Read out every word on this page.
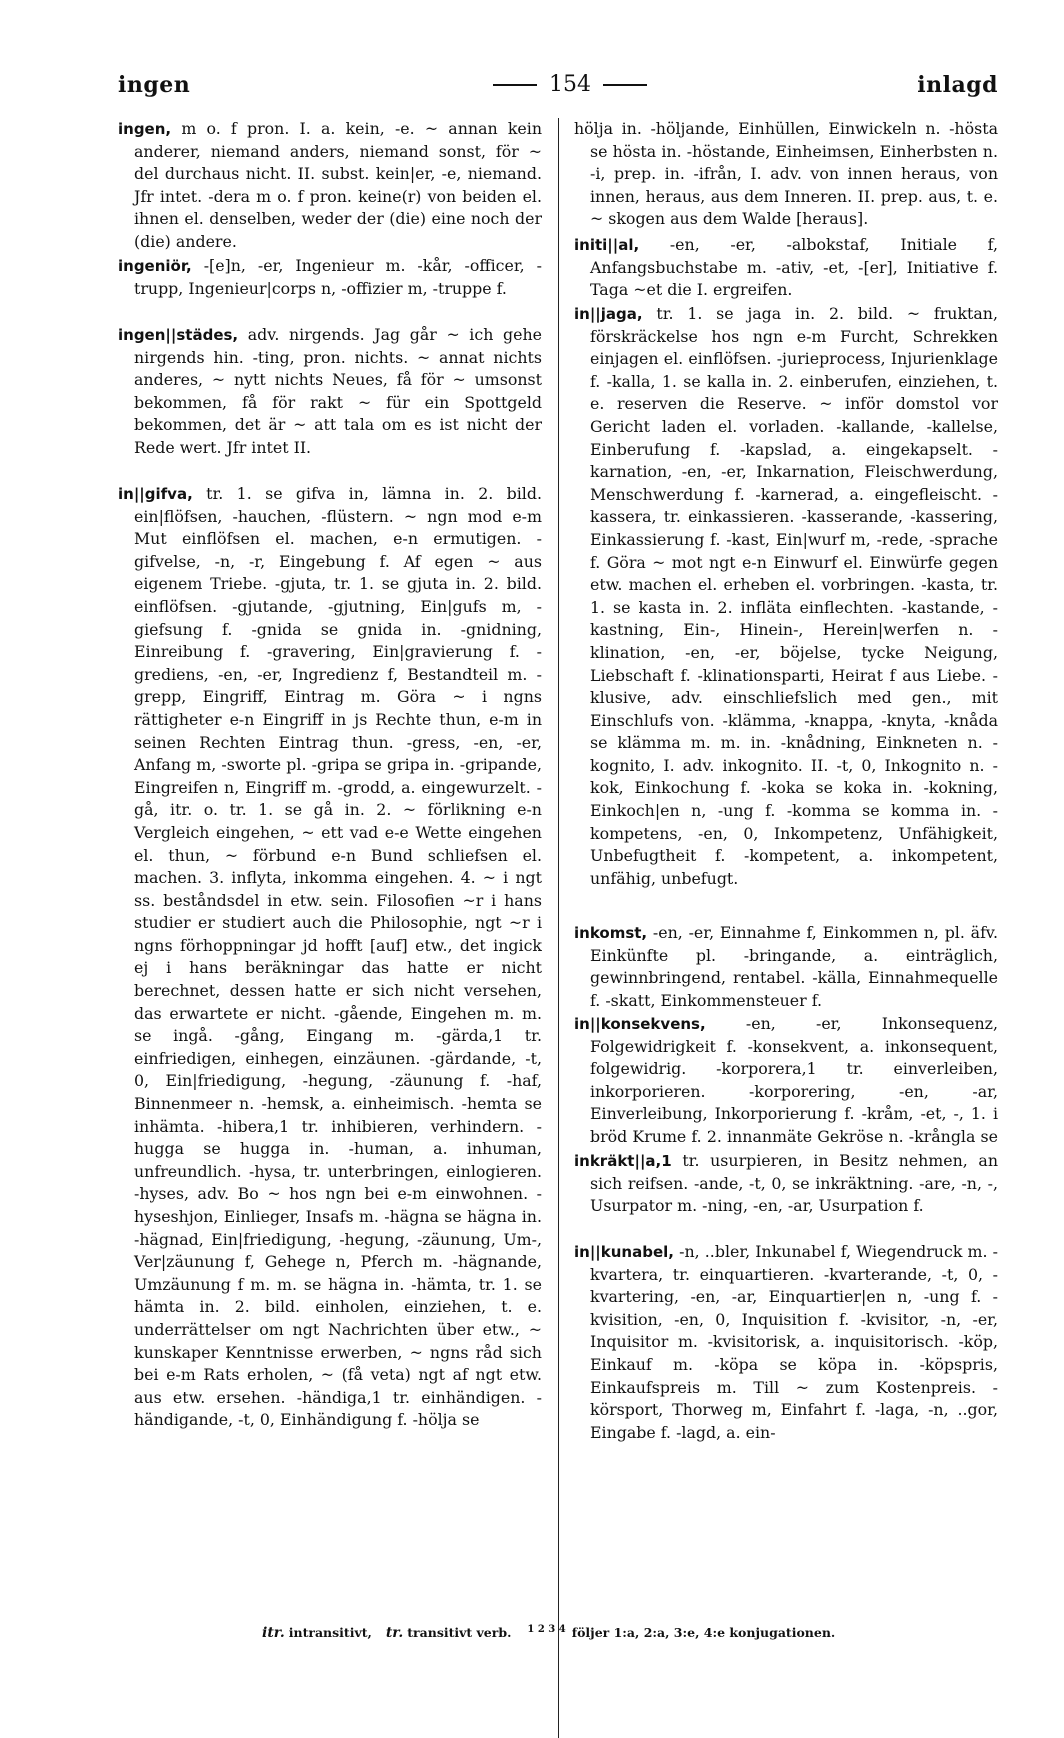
ingen	154	inlagd

ingen, m o. f pron. I. a. kein, -e. ~ annan kein anderer, niemand anders, niemand sonst, för ~ del durchaus nicht. II. subst. kein|er, -e, niemand. Jfr intet. -dera m o. f pron. keine(r) von beiden el. ihnen el. denselben, weder der (die) eine noch der (die) andere.

ingeniör, -[e]n, -er, Ingenieur m. -kår, -officer, -trupp, Ingenieur|corps n, -offizier m, -truppe f.

ingen||städes, adv. nirgends. Jag går ~ ich gehe nirgends hin. -ting, pron. nichts. ~ annat nichts anderes, ~ nytt nichts Neues, få för ~ umsonst bekommen, få för rakt ~ für ein Spottgeld bekommen, det är ~ att tala om es ist nicht der Rede wert. Jfr intet II.

in||gifva, tr. 1. se gifva in, lämna in. 2. bild. ein|flöfsen, -hauchen, -flüstern. ~ ngn mod e-m Mut einflöfsen el. machen, e-n ermutigen. -gifvelse, -n, -r, Eingebung f. Af egen ~ aus eigenem Triebe. -gjuta, tr. 1. se gjuta in. 2. bild. einflöfsen. -gjutande, -gjutning, Ein|gufs m, -giefsung f. -gnida se gnida in. -gnidning, Einreibung f. -gravering, Ein|gravierung f. -grediens, -en, -er, Ingredienz f, Bestandteil m. -grepp, Eingriff, Eintrag m. Göra ~ i ngns rättigheter e-n Eingriff in js Rechte thun, e-m in seinen Rechten Eintrag thun. -gress, -en, -er, Anfang m, -sworte pl. -gripa se gripa in. -gripande, Eingreifen n, Eingriff m. -grodd, a. eingewurzelt. -gå, itr. o. tr. 1. se gå in. 2. ~ förlikning e-n Vergleich eingehen, ~ ett vad e-e Wette eingehen el. thun, ~ förbund e-n Bund schliefsen el. machen. 3. inflyta, inkomma eingehen. 4. ~ i ngt ss. beståndsdel in etw. sein. Filosofien ~r i hans studier er studiert auch die Philosophie, ngt ~r i ngns förhoppningar jd hofft [auf] etw., det ingick ej i hans beräkningar das hatte er nicht berechnet, dessen hatte er sich nicht versehen, das erwartete er nicht. -gående, Eingehen m. m. se ingå. -gång, Eingang m. -gärda,1 tr. einfriedigen, einhegen, einzäunen. -gärdande, -t, 0, Ein|friedigung, -hegung, -zäunung f. -haf, Binnenmeer n. -hemsk, a. einheimisch. -hemta se inhämta. -hibera,1 tr. inhibieren, verhindern. -hugga se hugga in. -human, a. inhuman, unfreundlich. -hysa, tr. unterbringen, einlogieren. -hyses, adv. Bo ~ hos ngn bei e-m einwohnen. -hyseshjon, Einlieger, Insafs m. -hägna se hägna in. -hägnad, Ein|friedigung, -hegung, -zäunung, Um-, Ver|zäunung f, Gehege n, Pferch m. -hägnande, Umzäunung f m. m. se hägna in. -hämta, tr. 1. se hämta in. 2. bild. einholen, einziehen, t. e. underrättelser om ngt Nachrichten über etw., ~ kunskaper Kenntnisse erwerben, ~ ngns råd sich bei e-m Rats erholen, ~ (få veta) ngt af ngt etw. aus etw. ersehen. -händiga,1 tr. einhändigen. -händigande, -t, 0, Einhändigung f. -hölja se

hölja in. -höljande, Einhüllen, Einwickeln n. -hösta se hösta in. -höstande, Einheimsen, Einherbsten n. -i, prep. in. -ifrån, I. adv. von innen heraus, von innen, heraus, aus dem Inneren. II. prep. aus, t. e. ~ skogen aus dem Walde [heraus].

initi||al, -en, -er, -albokstaf, Initiale f, Anfangsbuchstabe m. -ativ, -et, -[er], Initiative f. Taga ~et die I. ergreifen.

in||jaga, tr. 1. se jaga in. 2. bild. ~ fruktan, förskräckelse hos ngn e-m Furcht, Schrekken einjagen el. einflöfsen. -jurieprocess, Injurienklage f. -kalla, 1. se kalla in. 2. einberufen, einziehen, t. e. reserven die Reserve. ~ inför domstol vor Gericht laden el. vorladen. -kallande, -kallelse, Einberufung f. -kapslad, a. eingekapselt. -karnation, -en, -er, Inkarnation, Fleischwerdung, Menschwerdung f. -karnerad, a. eingefleischt. -kassera, tr. einkassieren. -kasserande, -kassering, Einkassierung f. -kast, Ein|wurf m, -rede, -sprache f. Göra ~ mot ngt e-n Einwurf el. Einwürfe gegen etw. machen el. erheben el. vorbringen. -kasta, tr. 1. se kasta in. 2. infläta einflechten. -kastande, -kastning, Ein-, Hinein-, Herein|werfen n. -klination, -en, -er, böjelse, tycke Neigung, Liebschaft f. -klinationsparti, Heirat f aus Liebe. -klusive, adv. einschliefslich med gen., mit Einschlufs von. -klämma, -knappa, -knyta, -knåda se klämma m. m. in. -knådning, Einkneten n. -kognito, I. adv. inkognito. II. -t, 0, Inkognito n. -kok, Einkochung f. -koka se koka in. -kokning, Einkoch|en n, -ung f. -komma se komma in. -kompetens, -en, 0, Inkompetenz, Unfähigkeit, Unbefugtheit f. -kompetent, a. inkompetent, unfähig, unbefugt.

inkomst, -en, -er, Einnahme f, Einkommen n, pl. äfv. Einkünfte pl. -bringande, a. einträglich, gewinnbringend, rentabel. -källa, Einnahmequelle f. -skatt, Einkommensteuer f.

in||konsekvens,	-en, -er, Inkonsequenz, Folgewidrigkeit f. -konsekvent, a. inkonsequent, folgewidrig. -korporera,1 tr. einverleiben, inkorporieren. -korporering, -en, -ar, Einverleibung, Inkorporierung f. -kråm, -et, -, 1. i bröd Krume f. 2. innanmäte Gekröse n. -krångla se

inkräkt||a,1 tr. usurpieren, in Besitz nehmen, an sich reifsen. -ande, -t, 0, se inkräktning. -are, -n, -, Usurpator m. -ning, -en, -ar, Usurpation f.

in||kunabel, -n, ..bler, Inkunabel f, Wiegendruck m. -kvartera, tr. einquartieren. -kvarterande, -t, 0, -kvartering, -en, -ar, Einquartier|en n, -ung f. -kvisition, -en, 0, Inquisition f. -kvisitor, -n, -er, Inquisitor m. -kvisitorisk, a. inquisitorisch. -köp, Einkauf m. -köpa se köpa in. -köpspris, Einkaufspreis m. Till ~ zum Kostenpreis. -körsport, Thorweg m, Einfahrt f. -laga, -n, ..gor, Eingabe f. -lagd, a. ein-

itr. intransitivt, tr. transitivt verb. $^{1 2 3 4}$ följer 1:a, 2:a, 3:e, 4:e konjugationen.
